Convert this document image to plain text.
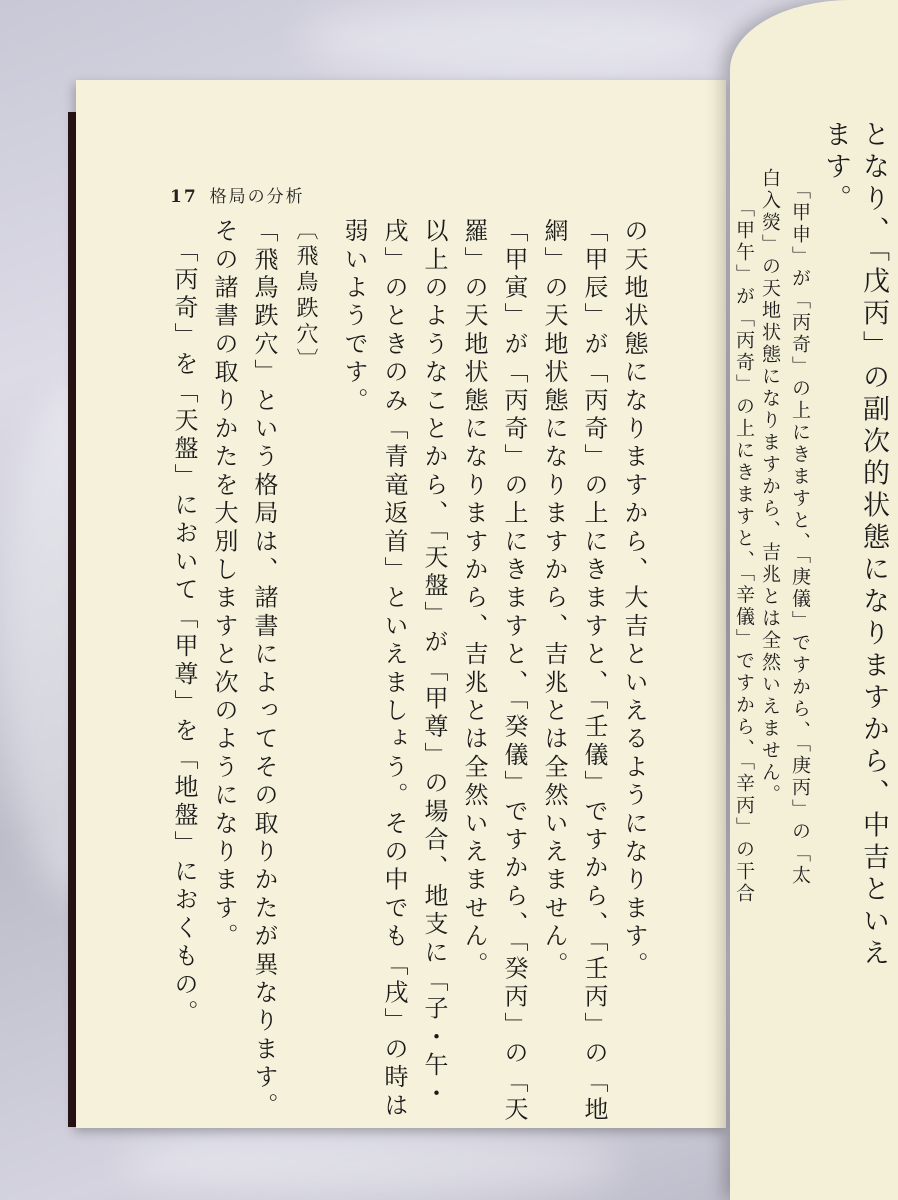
17 格局の分析
の天地状態になりますから、大吉といえるようになります。
「甲辰」が「丙奇」の上にきますと、「壬儀」ですから、「壬丙」の「地
網」の天地状態になりますから、吉兆とは全然いえません。
「甲寅」が「丙奇」の上にきますと、「癸儀」ですから、「癸丙」の「天
羅」の天地状態になりますから、吉兆とは全然いえません。
以上のようなことから、「天盤」が「甲尊」の場合、地支に「子・午・
戌」のときのみ「青竜返首」といえましょう。その中でも「戌」の時は
弱いようです。
〔飛鳥跌穴〕
「飛鳥跌穴」という格局は、諸書によってその取りかたが異なります。
その諸書の取りかたを大別しますと次のようになります。
「丙奇」を「天盤」において「甲尊」を「地盤」におくもの。	となり、「戊丙」の副次的状態になりますから、中吉といえ
ます。
「甲申」が「丙奇」の上にきますと、「庚儀」ですから、「庚丙」の「太
白入熒」の天地状態になりますから、吉兆とは全然いえません。
「甲午」が「丙奇」の上にきますと、「辛儀」ですから、「辛丙」の干合
